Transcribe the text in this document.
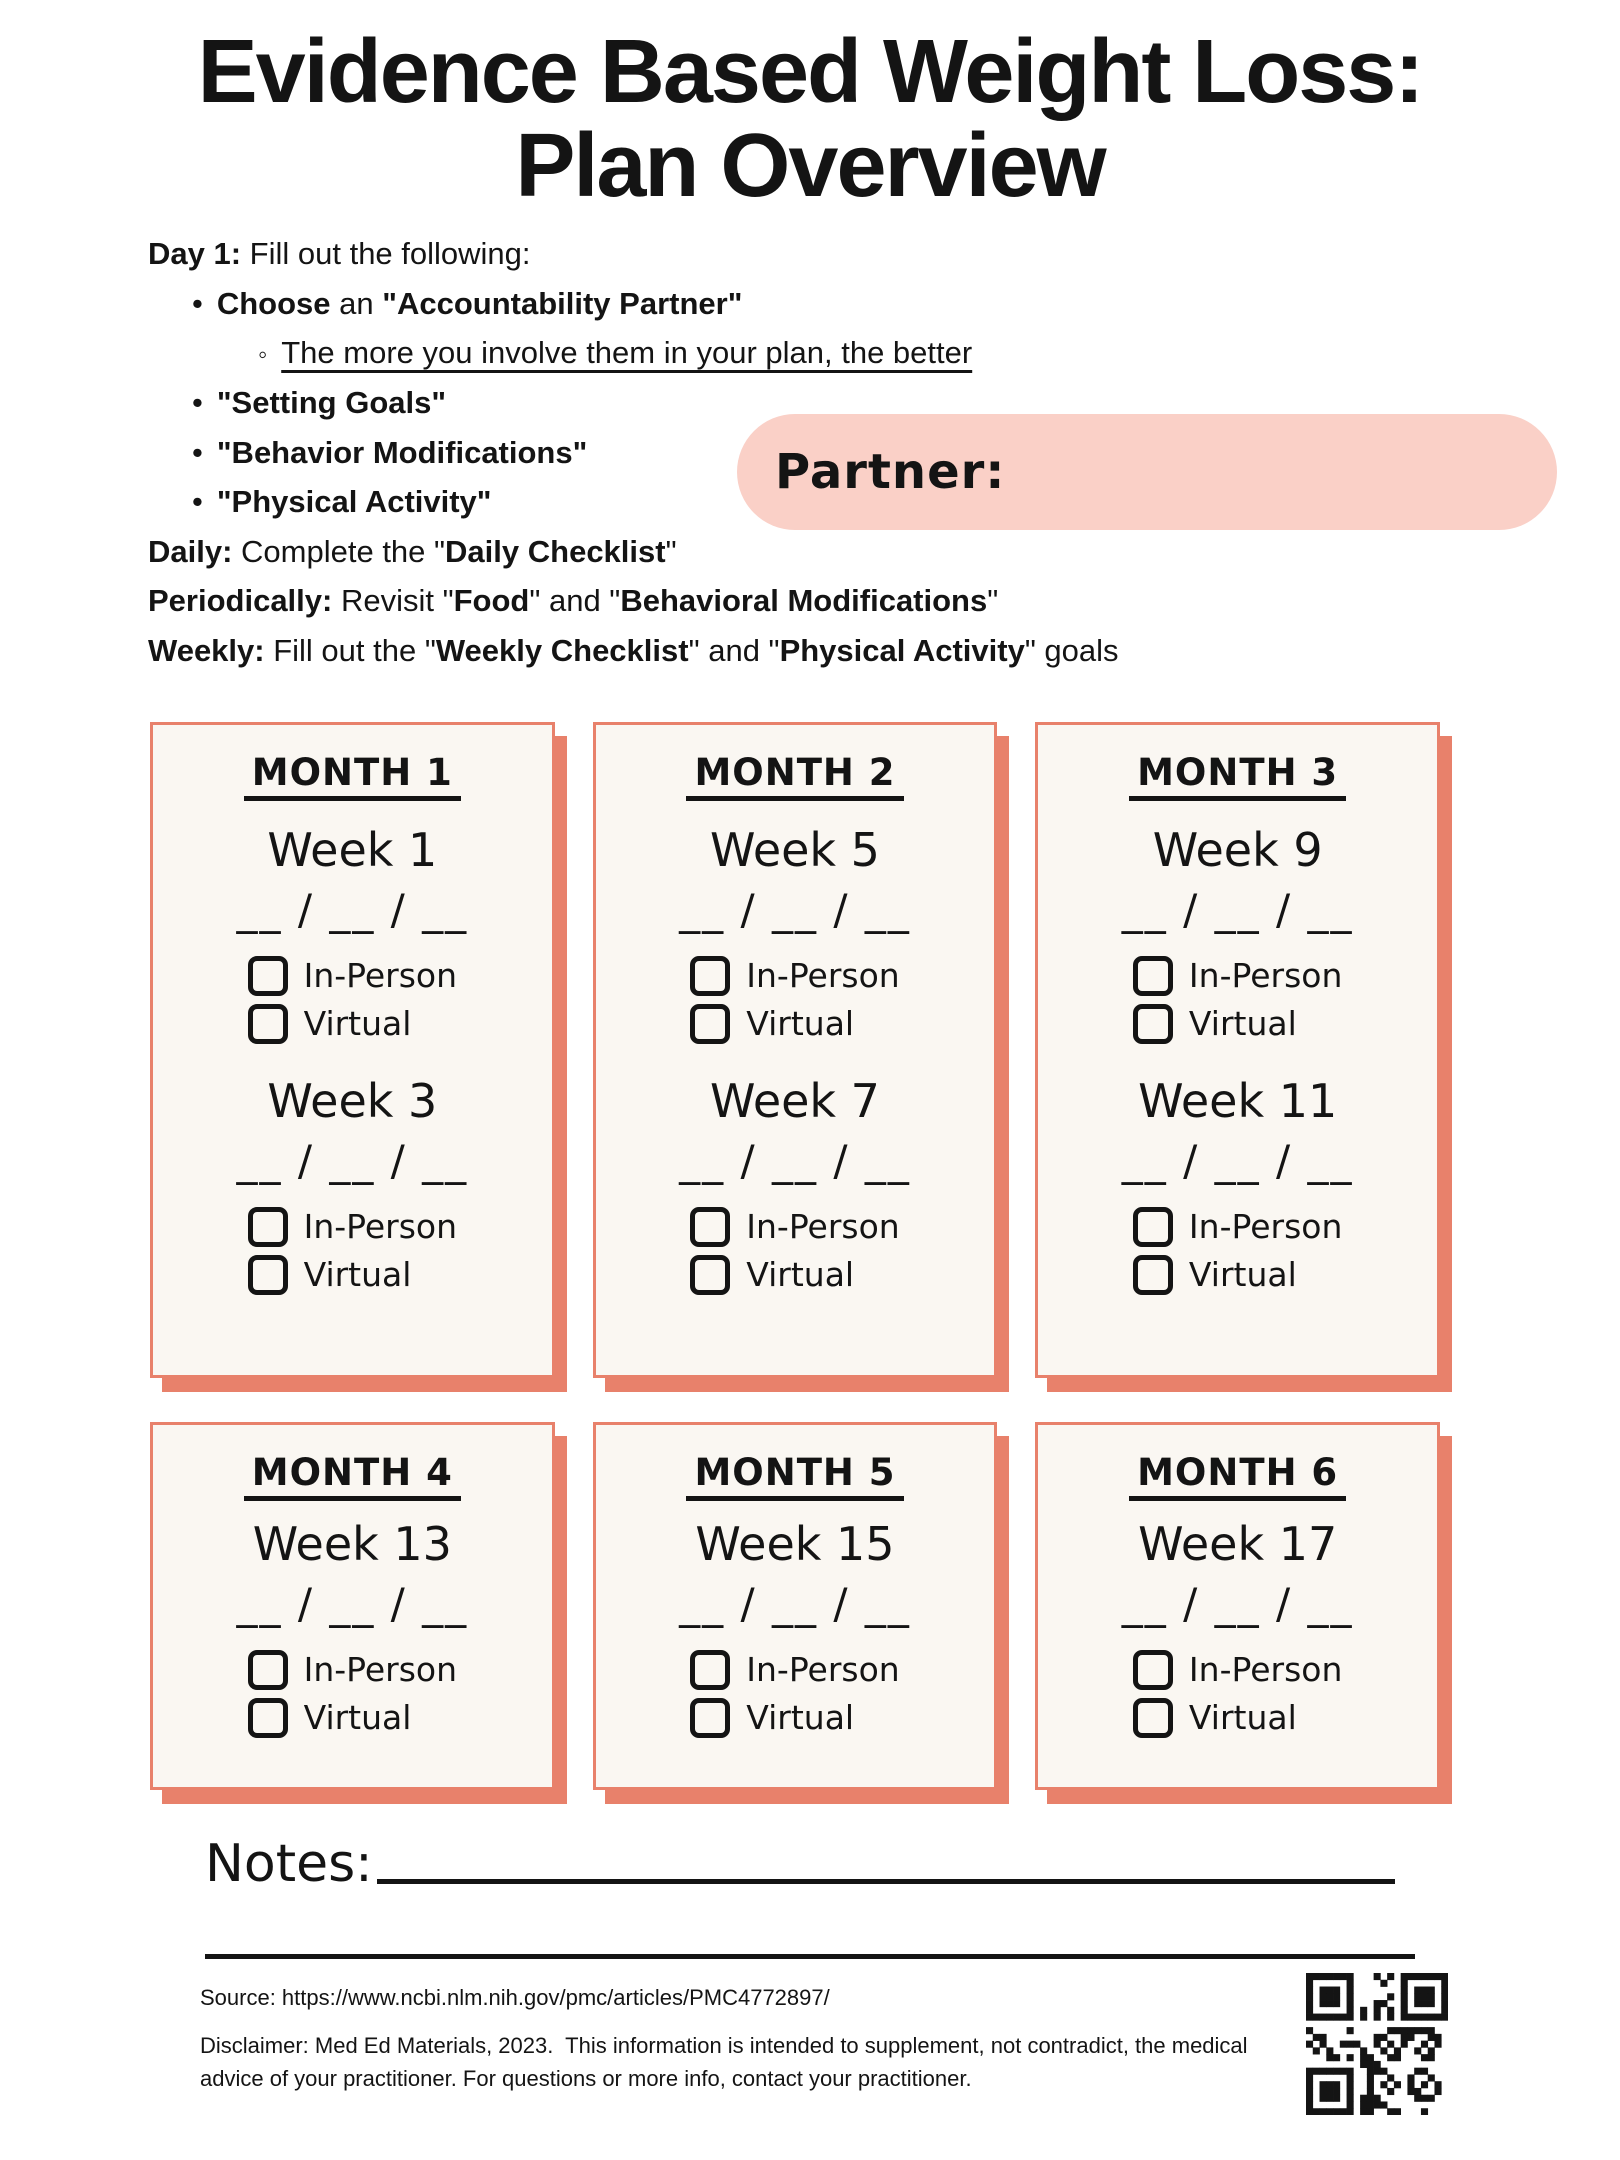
Evidence Based Weight Loss:
Plan Overview
Day 1: Fill out the following:
• Choose an "Accountability Partner"
◦ The more you involve them in your plan, the better
• "Setting Goals"
• "Behavior Modifications"
• "Physical Activity"
Daily: Complete the "Daily Checklist"
Periodically: Revisit "Food" and "Behavioral Modifications"
Weekly: Fill out the "Weekly Checklist" and "Physical Activity" goals
Partner:
MONTH 1
Week 1
__ / __ / __
In-Person
Virtual
Week 3
__ / __ / __
In-Person
Virtual
MONTH 2
Week 5
__ / __ / __
In-Person
Virtual
Week 7
__ / __ / __
In-Person
Virtual
MONTH 3
Week 9
__ / __ / __
In-Person
Virtual
Week 11
__ / __ / __
In-Person
Virtual
MONTH 4
Week 13
__ / __ / __
In-Person
Virtual
MONTH 5
Week 15
__ / __ / __
In-Person
Virtual
MONTH 6
Week 17
__ / __ / __
In-Person
Virtual
Notes:
Source: https://www.ncbi.nlm.nih.gov/pmc/articles/PMC4772897/
Disclaimer: Med Ed Materials, 2023.  This information is intended to supplement, not contradict, the medical advice of your practitioner. For questions or more info, contact your practitioner.
